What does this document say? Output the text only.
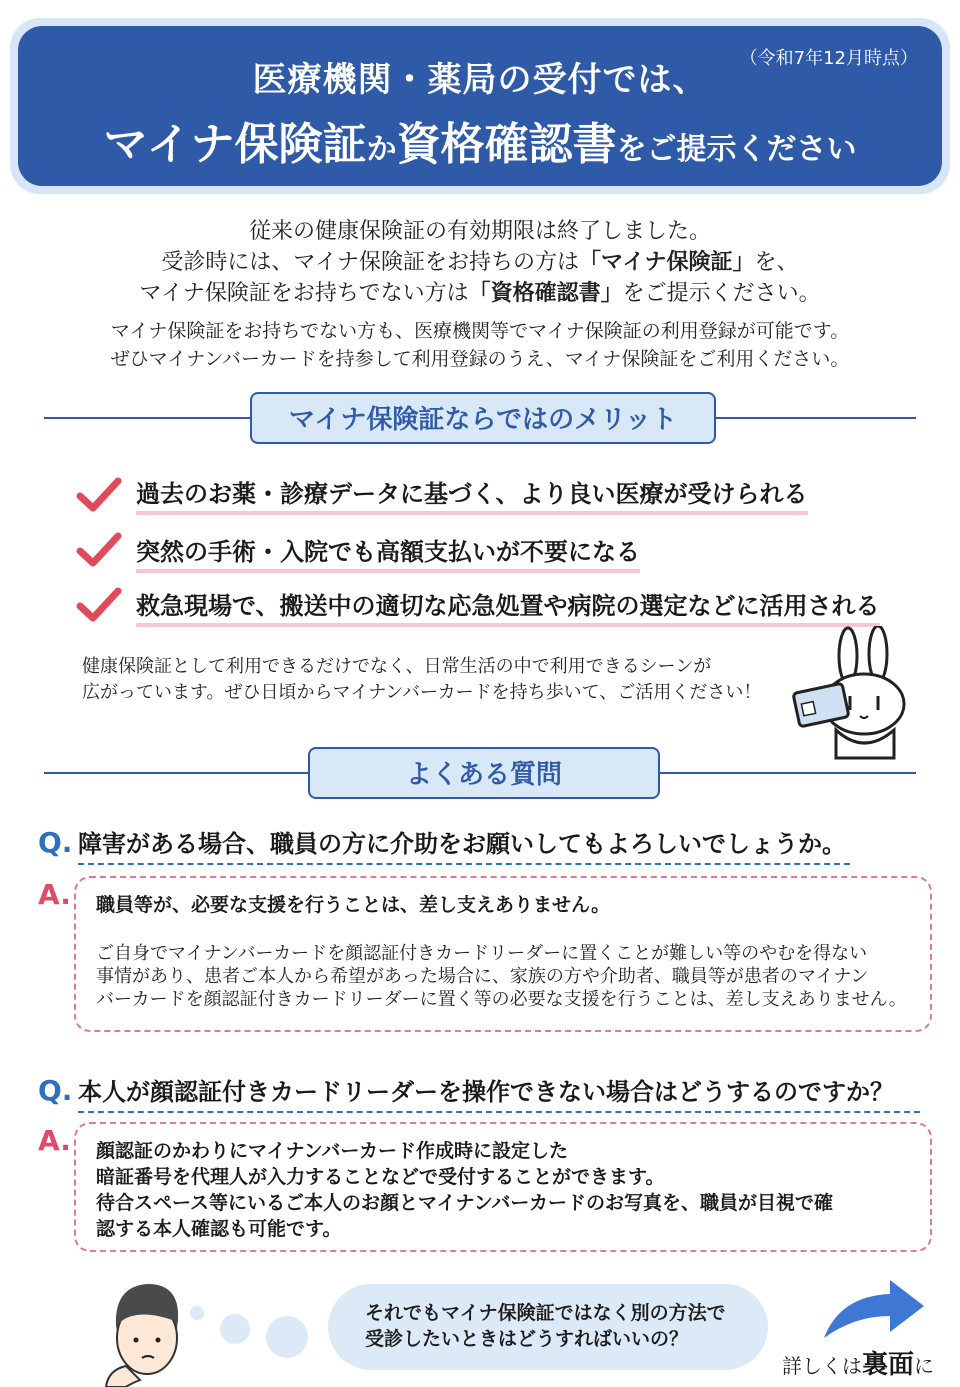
（令和7年12月時点）
医療機関・薬局の受付では、
マイナ保険証か資格確認書をご提示ください
従来の健康保険証の有効期限は終了しました。
受診時には、マイナ保険証をお持ちの方は「マイナ保険証」を、
マイナ保険証をお持ちでない方は「資格確認書」をご提示ください。
マイナ保険証をお持ちでない方も、医療機関等でマイナ保険証の利用登録が可能です。
ぜひマイナンバーカードを持参して利用登録のうえ、マイナ保険証をご利用ください。
マイナ保険証ならではのメリット
過去のお薬・診療データに基づく、より良い医療が受けられる
突然の手術・入院でも高額支払いが不要になる
救急現場で、搬送中の適切な応急処置や病院の選定などに活用される
健康保険証として利用できるだけでなく、日常生活の中で利用できるシーンが
広がっています。ぜひ日頃からマイナンバーカードを持ち歩いて、ご活用ください！
よくある質問
Q. 障害がある場合、職員の方に介助をお願いしてもよろしいでしょうか。
A. 職員等が、必要な支援を行うことは、差し支えありません。
ご自身でマイナンバーカードを顔認証付きカードリーダーに置くことが難しい等のやむを得ない
事情があり、患者ご本人から希望があった場合に、家族の方や介助者、職員等が患者のマイナン
バーカードを顔認証付きカードリーダーに置く等の必要な支援を行うことは、差し支えありません。
Q. 本人が顔認証付きカードリーダーを操作できない場合はどうするのですか？
A. 顔認証のかわりにマイナンバーカード作成時に設定した
暗証番号を代理人が入力することなどで受付することができます。
待合スペース等にいるご本人のお顔とマイナンバーカードのお写真を、職員が目視で確
認する本人確認も可能です。
それでもマイナ保険証ではなく別の方法で
受診したいときはどうすればいいの？
詳しくは裏面に
